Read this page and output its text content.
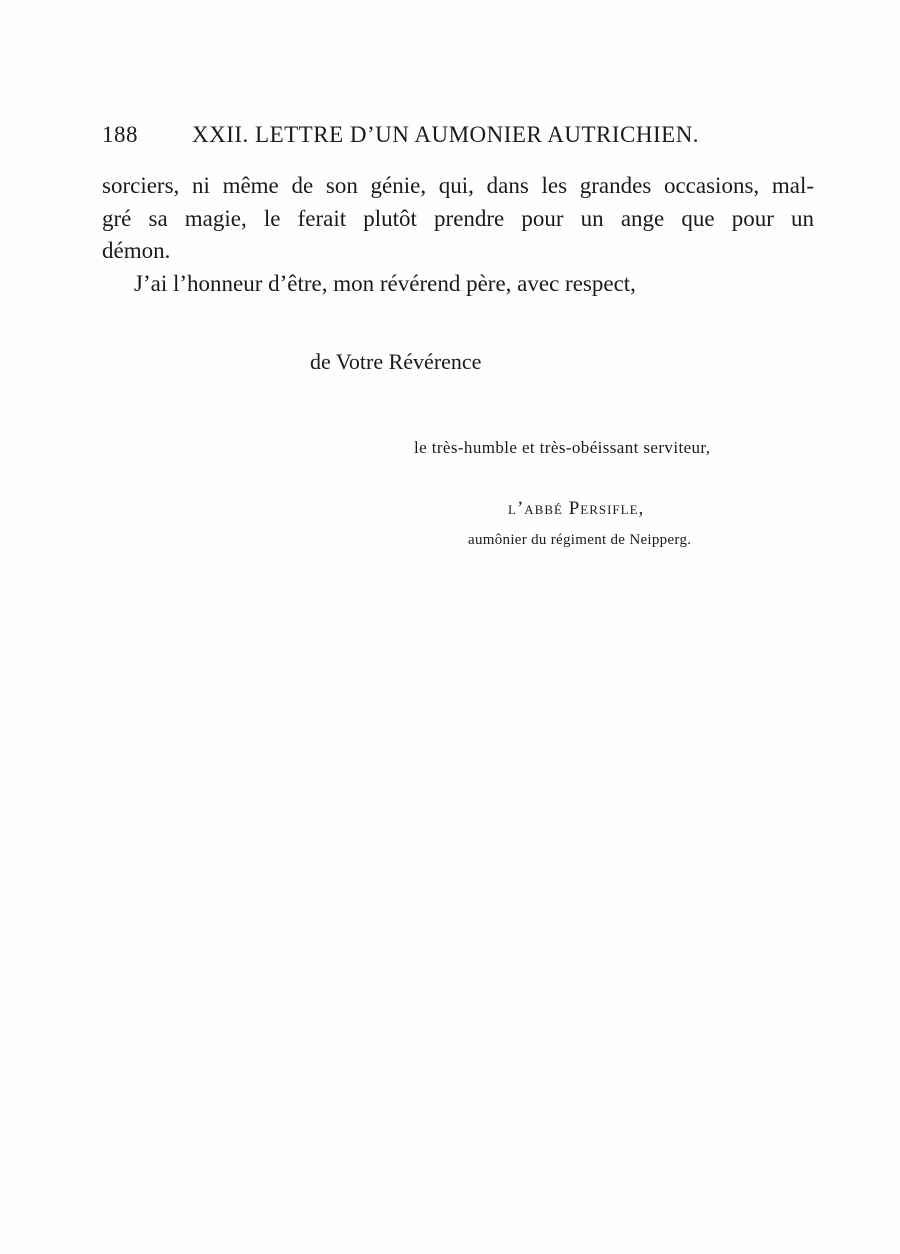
188 XXII. LETTRE D’UN AUMONIER AUTRICHIEN.
sorciers, ni même de son génie, qui, dans les grandes occasions, mal-
gré sa magie, le ferait plutôt prendre pour un ange que pour un
démon.
J’ai l’honneur d’être, mon révérend père, avec respect,
de Votre Révérence
le très-humble et très-obéissant serviteur,
l’abbé Persifle,
aumônier du régiment de Neipperg.
